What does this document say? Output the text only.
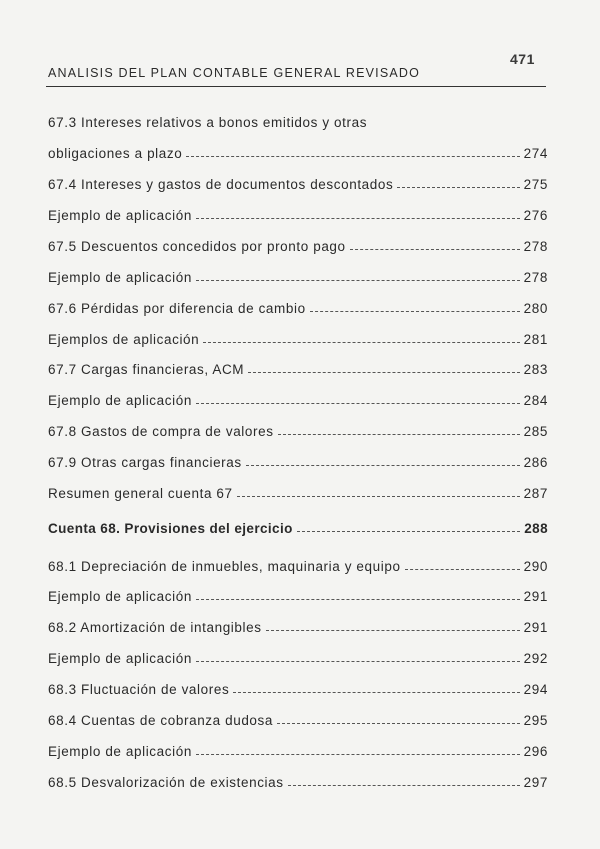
471
ANALISIS DEL PLAN CONTABLE GENERAL REVISADO
67.3 Intereses relativos a bonos emitidos y otras
obligaciones a plazo	274
67.4 Intereses y gastos de documentos descontados	275
Ejemplo de aplicación	276
67.5 Descuentos concedidos por pronto pago	278
Ejemplo de aplicación	278
67.6 Pérdidas por diferencia de cambio	280
Ejemplos de aplicación	281
67.7 Cargas financieras, ACM	283
Ejemplo de aplicación	284
67.8 Gastos de compra de valores	285
67.9 Otras cargas financieras	286
Resumen general cuenta 67	287
Cuenta 68. Provisiones del ejercicio	288
68.1 Depreciación de inmuebles, maquinaria y equipo	290
Ejemplo de aplicación	291
68.2 Amortización de intangibles	291
Ejemplo de aplicación	292
68.3 Fluctuación de valores	294
68.4 Cuentas de cobranza dudosa	295
Ejemplo de aplicación	296
68.5 Desvalorización de existencias	297
